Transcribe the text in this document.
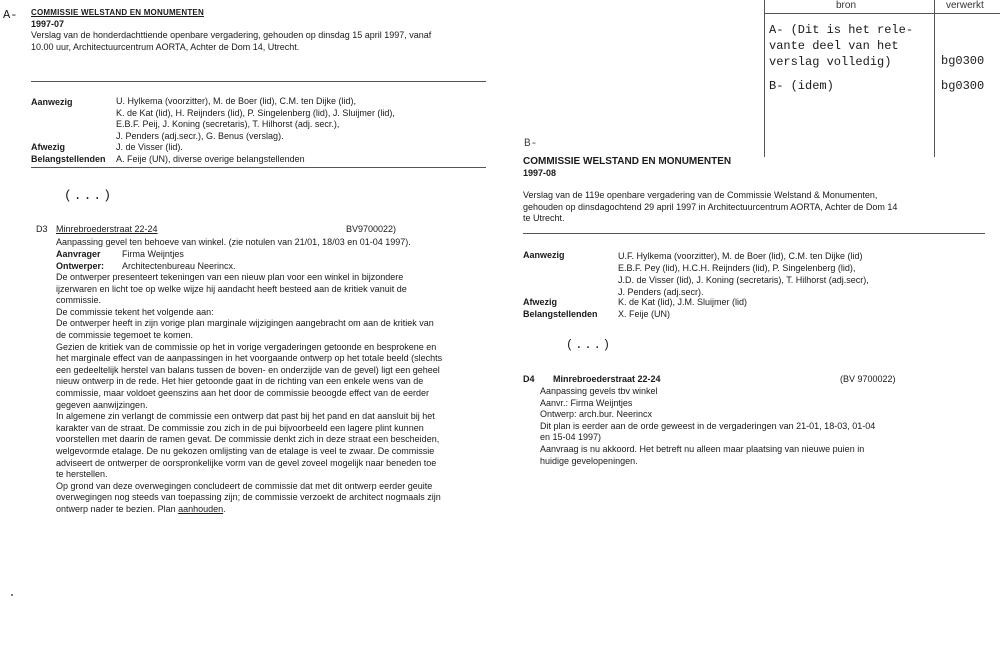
A- COMMISSIE WELSTAND EN MONUMENTEN
1997-07
Verslag van de honderdachttiende openbare vergadering, gehouden op dinsdag 15 april 1997, vanaf
10.00 uur, Architectuurcentrum AORTA, Achter de Dom 14, Utrecht.
Aanwezig	U. Hylkema (voorzitter), M. de Boer (lid), C.M. ten Dijke (lid),
K. de Kat (lid), H. Reijnders (lid), P. Singelenberg (lid), J. Sluijmer (lid),
E.B.F. Peij, J. Koning (secretaris), T. Hilhorst (adj. secr.),
J. Penders (adj.secr.), G. Benus (verslag).
Afwezig	J. de Visser (lid).
Belangstellenden A. Feije (UN), diverse overige belangstellenden
(...)
D3 Minrebroederstraat 22-24	BV9700022)
Aanpassing gevel ten behoeve van winkel. (zie notulen van 21/01, 18/03 en 01-04 1997).
Aanvrager Firma Weijntjes
Ontwerper: Architectenbureau Neerincx.
De ontwerper presenteert tekeningen van een nieuw plan voor een winkel in bijzondere
ijzerwaren en licht toe op welke wijze hij aandacht heeft besteed aan de kritiek vanuit de
commissie.
De commissie tekent het volgende aan:
De ontwerper heeft in zijn vorige plan marginale wijzigingen aangebracht om aan de kritiek van
de commissie tegemoet te komen.
Gezien de kritiek van de commissie op het in vorige vergaderingen getoonde en besprokene en
het marginale effect van de aanpassingen in het voorgaande ontwerp op het totale beeld (slechts
een gedeeltelijk herstel van balans tussen de boven- en onderzijde van de gevel) ligt een geheel
nieuw ontwerp in de rede. Het hier getoonde gaat in de richting van een enkele wens van de
commissie, maar voldoet geenszins aan het door de commissie beoogde effect van de eerder
gegeven aanwijzingen.
In algemene zin verlangt de commissie een ontwerp dat past bij het pand en dat aansluit bij het
karakter van de straat. De commissie zou zich in de pui bijvoorbeeld een lagere plint kunnen
voorstellen met daarin de ramen gevat. De commissie denkt zich in deze straat een bescheiden,
welgevormde etalage. De nu gekozen omlijsting van de etalage is veel te zwaar. De commissie
adviseert de ontwerper de oorspronkelijke vorm van de gevel zoveel mogelijk naar beneden toe
te herstellen.
Op grond van deze overwegingen concludeert de commissie dat met dit ontwerp eerder geuite
overwegingen nog steeds van toepassing zijn; de commissie verzoekt de architect nogmaals zijn
ontwerp nader te bezien. Plan aanhouden.
bron	verwerkt
A- (Dit is het rele-
vante deel van het
verslag volledig)	bg0300
B- (idem)	bg0300
B-
COMMISSIE WELSTAND EN MONUMENTEN
1997-08
Verslag van de 119e openbare vergadering van de Commissie Welstand & Monumenten,
gehouden op dinsdagochtend 29 april 1997 in Architectuurcentrum AORTA, Achter de Dom 14
te Utrecht.
Aanwezig	U.F. Hylkema (voorzitter), M. de Boer (lid), C.M. ten Dijke (lid)
E.B.F. Pey (lid), H.C.H. Reijnders (lid), P. Singelenberg (lid),
J.D. de Visser (lid), J. Koning (secretaris), T. Hilhorst (adj.secr),
J. Penders (adj.secr).
Afwezig	K. de Kat (lid), J.M. Sluijmer (lid)
Belangstellenden X. Feije (UN)
(...)
D4 Minrebroederstraat 22-24	(BV 9700022)
Aanpassing gevels tbv winkel
Aanvr.: Firma Weijntjes
Ontwerp: arch.bur. Neerincx
Dit plan is eerder aan de orde geweest in de vergaderingen van 21-01, 18-03, 01-04
en 15-04 1997)
Aanvraag is nu akkoord. Het betreft nu alleen maar plaatsing van nieuwe puien in
huidige gevelopeningen.
